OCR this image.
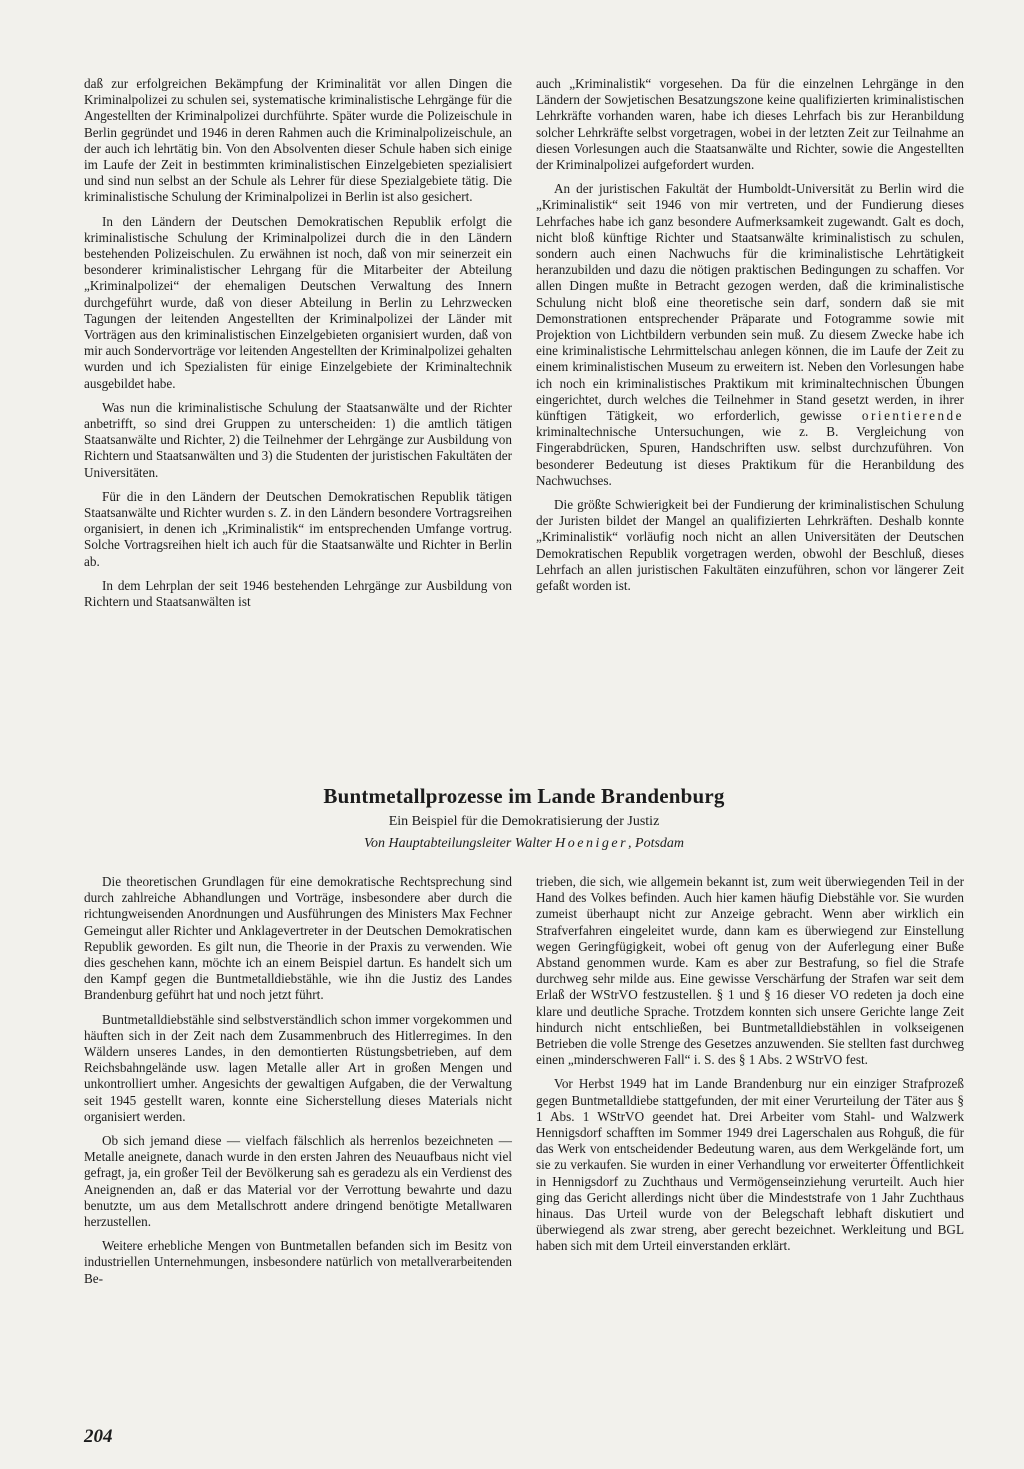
daß zur erfolgreichen Bekämpfung der Kriminalität vor allen Dingen die Kriminalpolizei zu schulen sei, systematische kriminalistische Lehrgänge für die Angestellten der Kriminalpolizei durchführte. Später wurde die Polizeischule in Berlin gegründet und 1946 in deren Rahmen auch die Kriminalpolizeischule, an der auch ich lehrtätig bin. Von den Absolventen dieser Schule haben sich einige im Laufe der Zeit in bestimmten kriminalistischen Einzelgebieten spezialisiert und sind nun selbst an der Schule als Lehrer für diese Spezialgebiete tätig. Die kriminalistische Schulung der Kriminalpolizei in Berlin ist also gesichert.

In den Ländern der Deutschen Demokratischen Republik erfolgt die kriminalistische Schulung der Kriminalpolizei durch die in den Ländern bestehenden Polizeischulen. Zu erwähnen ist noch, daß von mir seinerzeit ein besonderer kriminalistischer Lehrgang für die Mitarbeiter der Abteilung „Kriminalpolizei“ der ehemaligen Deutschen Verwaltung des Innern durchgeführt wurde, daß von dieser Abteilung in Berlin zu Lehrzwecken Tagungen der leitenden Angestellten der Kriminalpolizei der Länder mit Vorträgen aus den kriminalistischen Einzelgebieten organisiert wurden, daß von mir auch Sondervorträge vor leitenden Angestellten der Kriminalpolizei gehalten wurden und ich Spezialisten für einige Einzelgebiete der Kriminaltechnik ausgebildet habe.

Was nun die kriminalistische Schulung der Staatsanwälte und der Richter anbetrifft, so sind drei Gruppen zu unterscheiden: 1) die amtlich tätigen Staatsanwälte und Richter, 2) die Teilnehmer der Lehrgänge zur Ausbildung von Richtern und Staatsanwälten und 3) die Studenten der juristischen Fakultäten der Universitäten.

Für die in den Ländern der Deutschen Demokratischen Republik tätigen Staatsanwälte und Richter wurden s. Z. in den Ländern besondere Vortragsreihen organisiert, in denen ich „Kriminalistik“ im entsprechenden Umfange vortrug. Solche Vortragsreihen hielt ich auch für die Staatsanwälte und Richter in Berlin ab.

In dem Lehrplan der seit 1946 bestehenden Lehrgänge zur Ausbildung von Richtern und Staatsanwälten ist

auch „Kriminalistik“ vorgesehen. Da für die einzelnen Lehrgänge in den Ländern der Sowjetischen Besatzungszone keine qualifizierten kriminalistischen Lehrkräfte vorhanden waren, habe ich dieses Lehrfach bis zur Heranbildung solcher Lehrkräfte selbst vorgetragen, wobei in der letzten Zeit zur Teilnahme an diesen Vorlesungen auch die Staatsanwälte und Richter, sowie die Angestellten der Kriminalpolizei aufgefordert wurden.

An der juristischen Fakultät der Humboldt-Universität zu Berlin wird die „Kriminalistik“ seit 1946 von mir vertreten, und der Fundierung dieses Lehrfaches habe ich ganz besondere Aufmerksamkeit zugewandt. Galt es doch, nicht bloß künftige Richter und Staatsanwälte kriminalistisch zu schulen, sondern auch einen Nachwuchs für die kriminalistische Lehrtätigkeit heranzubilden und dazu die nötigen praktischen Bedingungen zu schaffen. Vor allen Dingen mußte in Betracht gezogen werden, daß die kriminalistische Schulung nicht bloß eine theoretische sein darf, sondern daß sie mit Demonstrationen entsprechender Präparate und Fotogramme sowie mit Projektion von Lichtbildern verbunden sein muß. Zu diesem Zwecke habe ich eine kriminalistische Lehrmittelschau anlegen können, die im Laufe der Zeit zu einem kriminalistischen Museum zu erweitern ist. Neben den Vorlesungen habe ich noch ein kriminalistisches Praktikum mit kriminaltechnischen Übungen eingerichtet, durch welches die Teilnehmer in Stand gesetzt werden, in ihrer künftigen Tätigkeit, wo erforderlich, gewisse orientierende kriminaltechnische Untersuchungen, wie z. B. Vergleichung von Fingerabdrücken, Spuren, Handschriften usw. selbst durchzuführen. Von besonderer Bedeutung ist dieses Praktikum für die Heranbildung des Nachwuchses.

Die größte Schwierigkeit bei der Fundierung der kriminalistischen Schulung der Juristen bildet der Mangel an qualifizierten Lehrkräften. Deshalb konnte „Kriminalistik“ vorläufig noch nicht an allen Universitäten der Deutschen Demokratischen Republik vorgetragen werden, obwohl der Beschluß, dieses Lehrfach an allen juristischen Fakultäten einzuführen, schon vor längerer Zeit gefaßt worden ist.

Buntmetallprozesse im Lande Brandenburg
Ein Beispiel für die Demokratisierung der Justiz
Von Hauptabteilungsleiter Walter Hoeniger, Potsdam

Die theoretischen Grundlagen für eine demokratische Rechtsprechung sind durch zahlreiche Abhandlungen und Vorträge, insbesondere aber durch die richtungweisenden Anordnungen und Ausführungen des Ministers Max Fechner Gemeingut aller Richter und Anklagevertreter in der Deutschen Demokratischen Republik geworden. Es gilt nun, die Theorie in der Praxis zu verwenden. Wie dies geschehen kann, möchte ich an einem Beispiel dartun. Es handelt sich um den Kampf gegen die Buntmetalldiebstähle, wie ihn die Justiz des Landes Brandenburg geführt hat und noch jetzt führt.

Buntmetalldiebstähle sind selbstverständlich schon immer vorgekommen und häuften sich in der Zeit nach dem Zusammenbruch des Hitlerregimes. In den Wäldern unseres Landes, in den demontierten Rüstungsbetrieben, auf dem Reichsbahngelände usw. lagen Metalle aller Art in großen Mengen und unkontrolliert umher. Angesichts der gewaltigen Aufgaben, die der Verwaltung seit 1945 gestellt waren, konnte eine Sicherstellung dieses Materials nicht organisiert werden.

Ob sich jemand diese — vielfach fälschlich als herrenlos bezeichneten — Metalle aneignete, danach wurde in den ersten Jahren des Neuaufbaus nicht viel gefragt, ja, ein großer Teil der Bevölkerung sah es geradezu als ein Verdienst des Aneignenden an, daß er das Material vor der Verrottung bewahrte und dazu benutzte, um aus dem Metallschrott andere dringend benötigte Metallwaren herzustellen.

Weitere erhebliche Mengen von Buntmetallen befanden sich im Besitz von industriellen Unternehmungen, insbesondere natürlich von metallverarbeitenden Be-

trieben, die sich, wie allgemein bekannt ist, zum weit überwiegenden Teil in der Hand des Volkes befinden. Auch hier kamen häufig Diebstähle vor. Sie wurden zumeist überhaupt nicht zur Anzeige gebracht. Wenn aber wirklich ein Strafverfahren eingeleitet wurde, dann kam es überwiegend zur Einstellung wegen Geringfügigkeit, wobei oft genug von der Auferlegung einer Buße Abstand genommen wurde. Kam es aber zur Bestrafung, so fiel die Strafe durchweg sehr milde aus. Eine gewisse Verschärfung der Strafen war seit dem Erlaß der WStrVO festzustellen. § 1 und § 16 dieser VO redeten ja doch eine klare und deutliche Sprache. Trotzdem konnten sich unsere Gerichte lange Zeit hindurch nicht entschließen, bei Buntmetalldiebstählen in volkseigenen Betrieben die volle Strenge des Gesetzes anzuwenden. Sie stellten fast durchweg einen „minderschweren Fall“ i. S. des § 1 Abs. 2 WStrVO fest.

Vor Herbst 1949 hat im Lande Brandenburg nur ein einziger Strafprozeß gegen Buntmetalldiebe stattgefunden, der mit einer Verurteilung der Täter aus § 1 Abs. 1 WStrVO geendet hat. Drei Arbeiter vom Stahl- und Walzwerk Hennigsdorf schafften im Sommer 1949 drei Lagerschalen aus Rohguß, die für das Werk von entscheidender Bedeutung waren, aus dem Werkgelände fort, um sie zu verkaufen. Sie wurden in einer Verhandlung vor erweiterter Öffentlichkeit in Hennigsdorf zu Zuchthaus und Vermögenseinziehung verurteilt. Auch hier ging das Gericht allerdings nicht über die Mindeststrafe von 1 Jahr Zuchthaus hinaus. Das Urteil wurde von der Belegschaft lebhaft diskutiert und überwiegend als zwar streng, aber gerecht bezeichnet. Werkleitung und BGL haben sich mit dem Urteil einverstanden erklärt.

204
